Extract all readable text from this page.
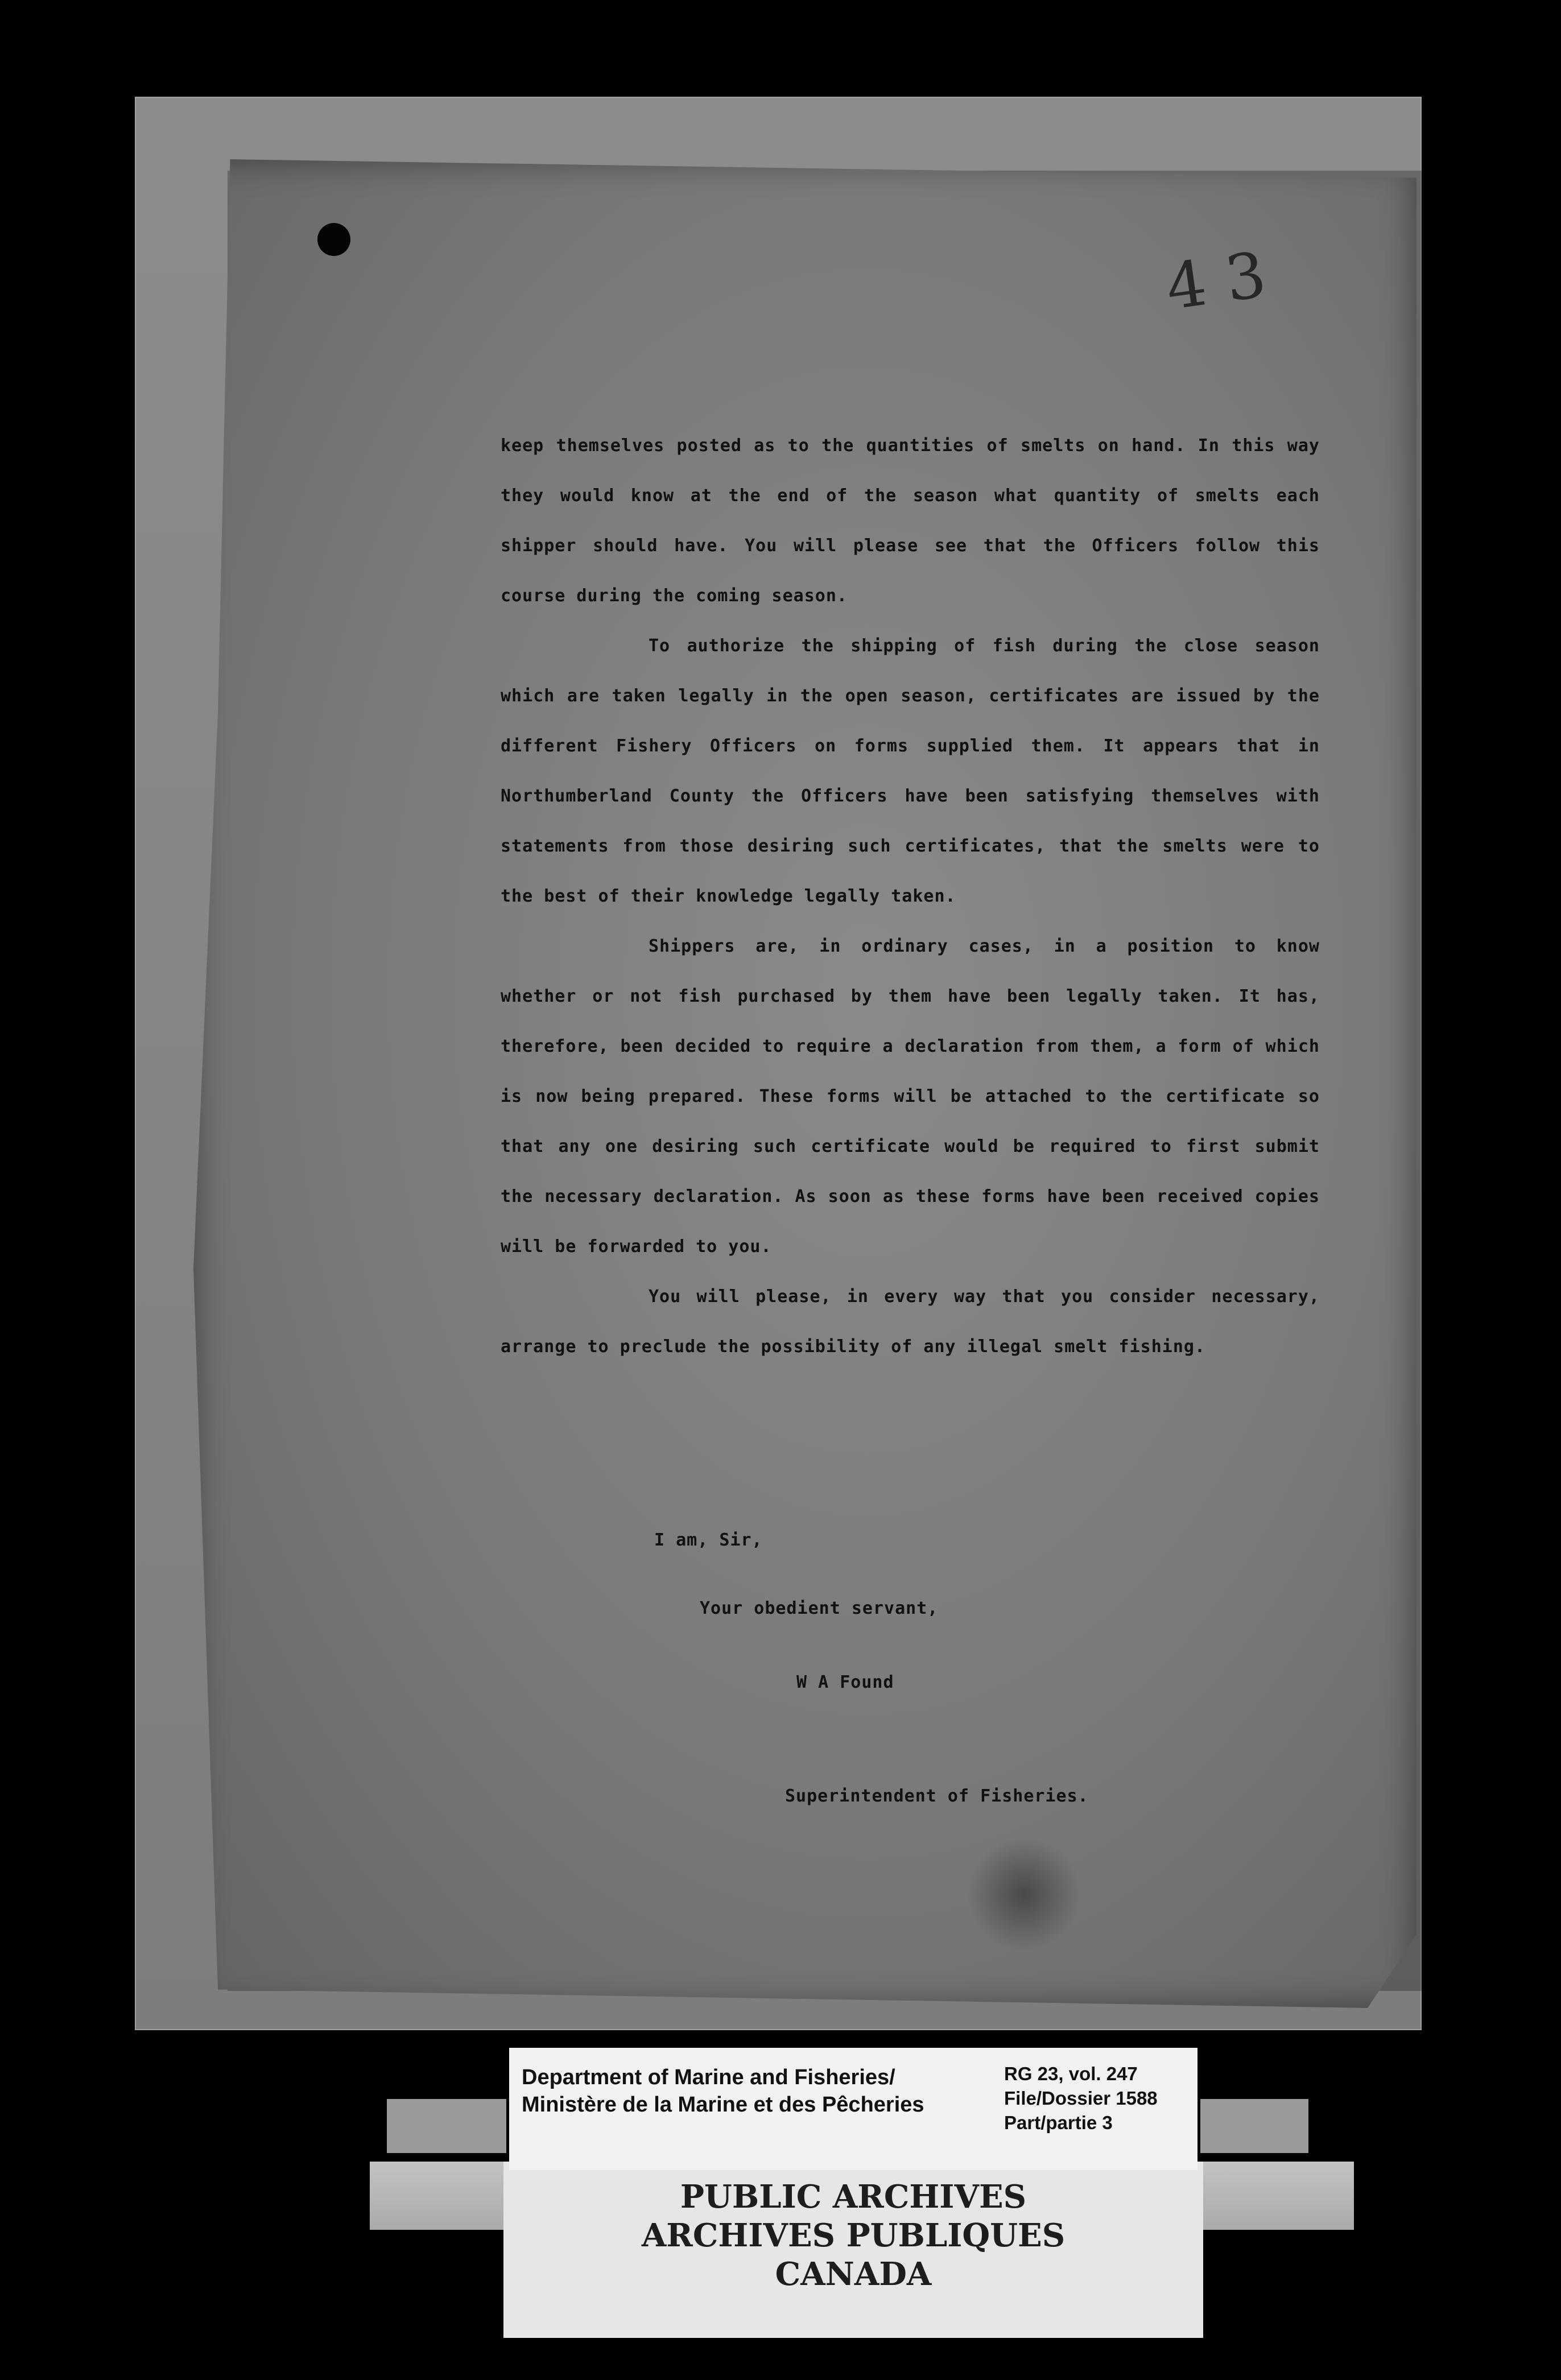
4 3

keep themselves posted as to the quantities of smelts on hand. In this way they would know at the end of the season what quantity of smelts each shipper should have. You will please see that the Officers follow this course during the coming season.

To authorize the shipping of fish during the close season which are taken legally in the open season, certificates are issued by the different Fishery Officers on forms supplied them. It appears that in Northumberland County the Officers have been satisfying themselves with statements from those desiring such certificates, that the smelts were to the best of their knowledge legally taken.

Shippers are, in ordinary cases, in a position to know whether or not fish purchased by them have been legally taken. It has, therefore, been decided to require a declaration from them, a form of which is now being prepared. These forms will be attached to the certificate so that any one desiring such certificate would be required to first submit the necessary declaration. As soon as these forms have been received copies will be forwarded to you.

You will please, in every way that you consider necessary, arrange to preclude the possibility of any illegal smelt fishing.

I am, Sir,
Your obedient servant,
W A Found
Superintendent of Fisheries.
PUBLIC ARCHIVES
ARCHIVES PUBLIQUES
CANADA
Department of Marine and Fisheries/
Ministère de la Marine et des Pêcheries
RG 23, vol. 247
File/Dossier 1588
Part/partie 3
